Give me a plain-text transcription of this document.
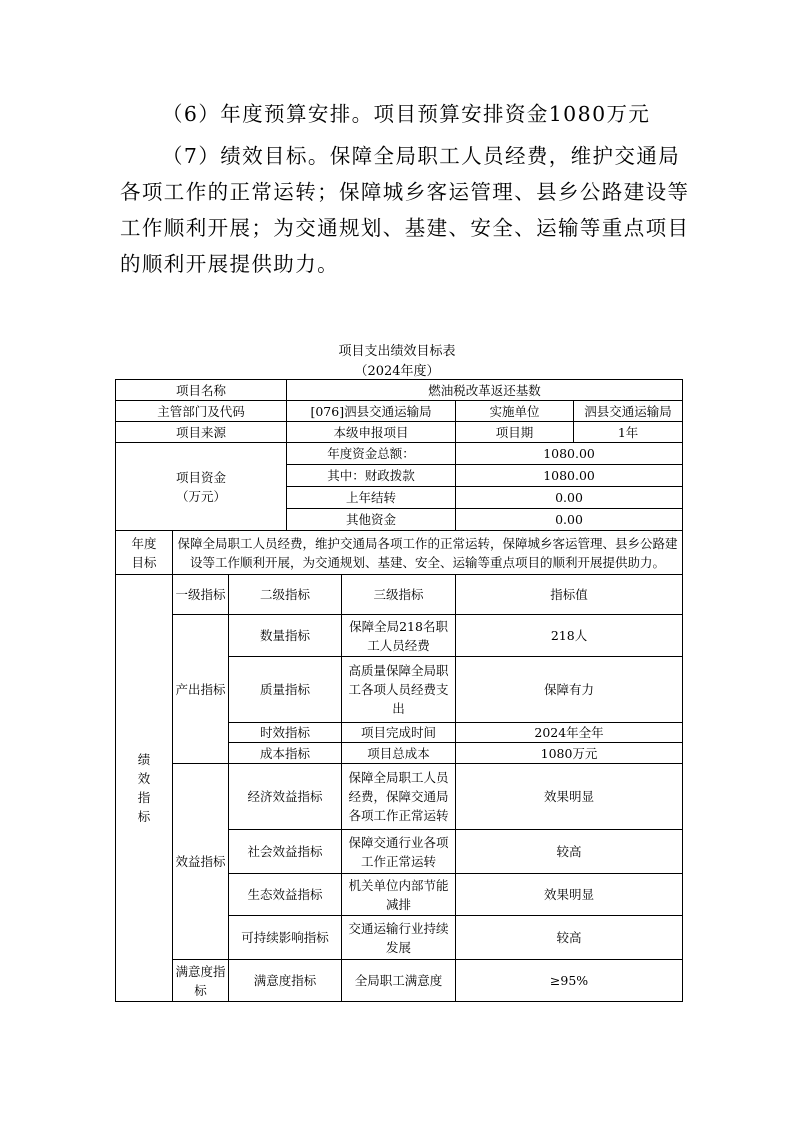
（6）年度预算安排。项目预算安排资金1080万元

（7）绩效目标。保障全局职工人员经费，维护交通局各项工作的正常运转；保障城乡客运管理、县乡公路建设等工作顺利开展；为交通规划、基建、安全、运输等重点项目的顺利开展提供助力。

项目支出绩效目标表
（2024年度）
项目名称			燃油税改革返还基数			
主管部门及代码			[076]泗县交通运输局		实施单位	泗县交通运输局
项目来源			本级申报项目		项目期	1年

项目资金
（万元）			年度资金总额：		1080.00	
			其中：财政拨款		1080.00	
			上年结转		0.00	
			其他资金		0.00	

年度
目标	保障全局职工人员经费，维护交通局各项工作的正常运转，保障城乡客运管理、县乡公路建设等工作顺利开展，为交通规划、基建、安全、运输等重点项目的顺利开展提供助力。					

绩
效
指
标	一级指标	二级指标		三级指标	指标值	
	产出指标	数量指标		保障全局218名职工人员经费	218人	
		质量指标		高质量保障全局职工各项人员经费支出	保障有力	
		时效指标		项目完成时间	2024年全年	
		成本指标		项目总成本	1080万元	
	效益指标	经济效益指标		保障全局职工人员经费，保障交通局各项工作正常运转	效果明显	
		社会效益指标		保障交通行业各项工作正常运转	较高	
		生态效益指标		机关单位内部节能减排	效果明显	
		可持续影响指标		交通运输行业持续发展	较高	
	满意度指标	满意度指标		全局职工满意度	≥95%	
